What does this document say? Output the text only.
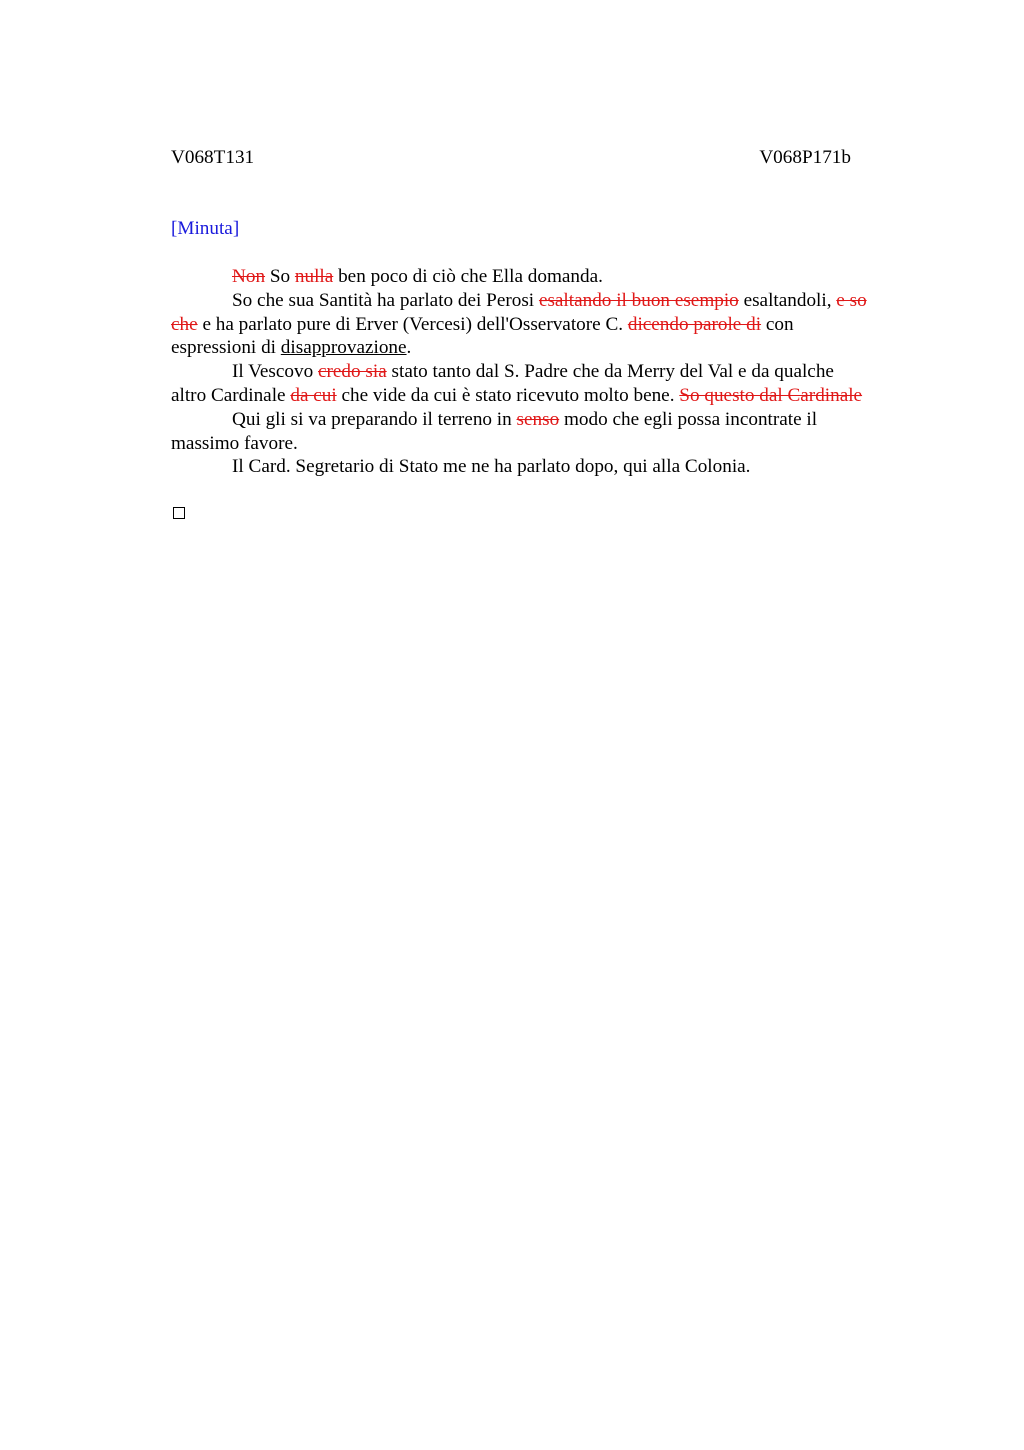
V068T131	V068P171b
[Minuta]

Non So nulla ben poco di ciò che Ella domanda.

So che sua Santità ha parlato dei Perosi esaltando il buon esempio esaltandoli, e so

che e ha parlato pure di Erver (Vercesi) dell'Osservatore C. dicendo parole di con
espressioni di disapprovazione.

Il Vescovo credo sia stato tanto dal S. Padre che da Merry del Val e da qualche

altro Cardinale da cui che vide da cui è stato ricevuto molto bene. So questo dal Cardinale

Qui gli si va preparando il terreno in senso modo che egli possa incontrate il

massimo favore.

Il Card. Segretario di Stato me ne ha parlato dopo, qui alla Colonia.
